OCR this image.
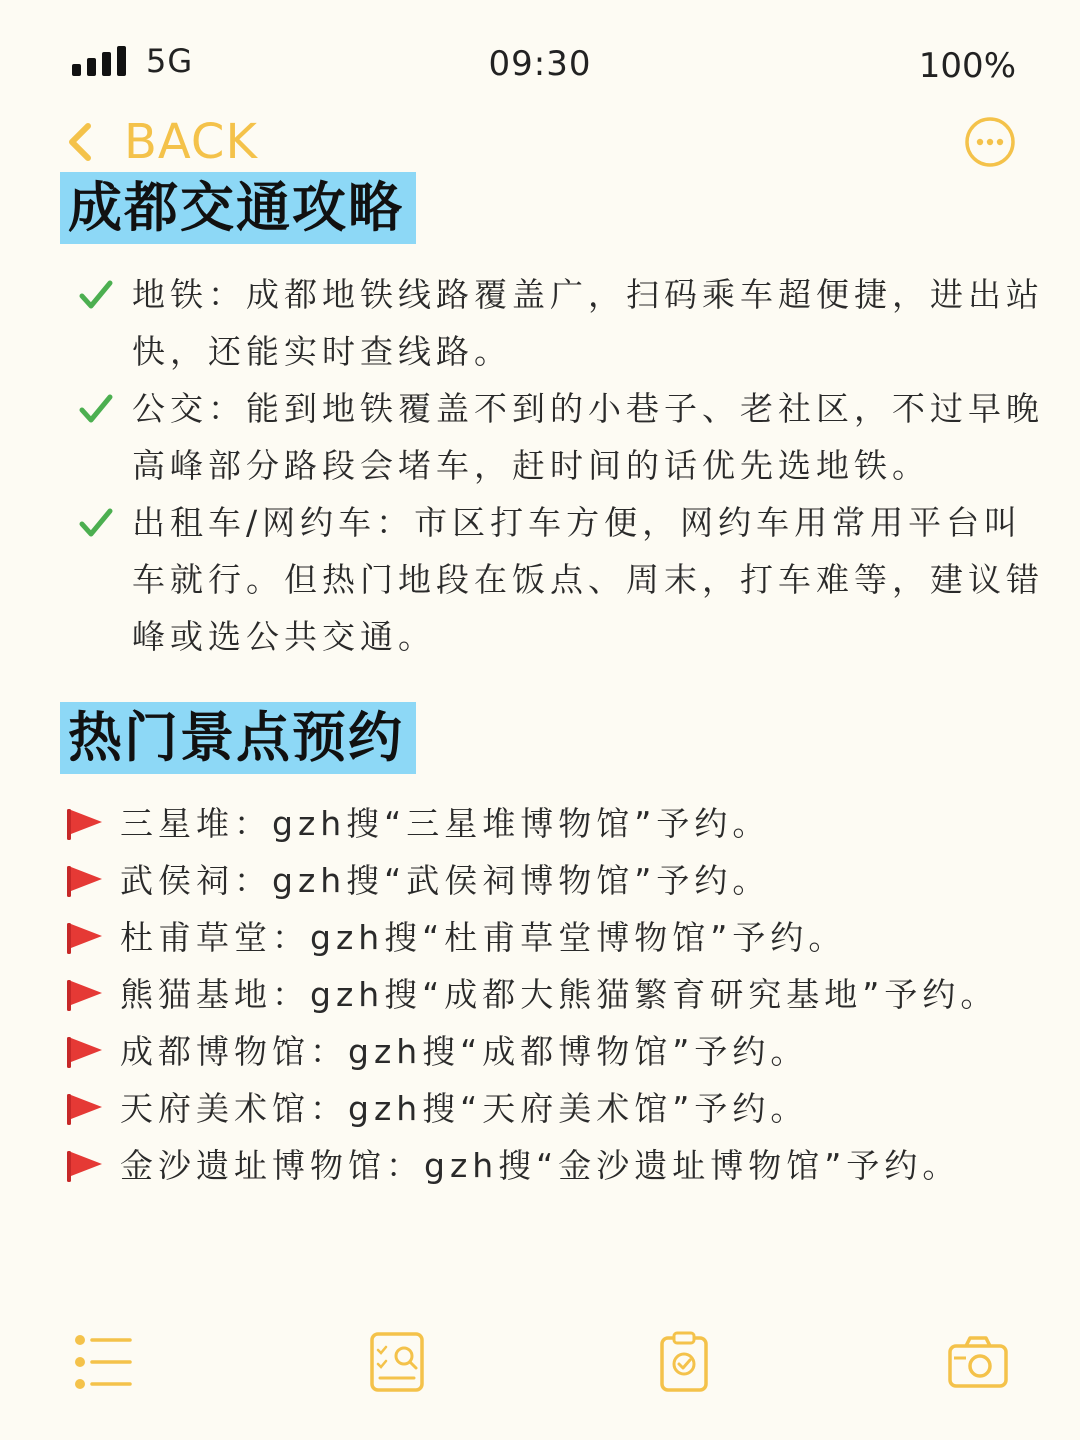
5G	09:30	100%
BACK
成都交通攻略
地铁：成都地铁线路覆盖广，扫码乘车超便捷，进出站快，还能实时查线路。
公交：能到地铁覆盖不到的小巷子、老社区，不过早晚高峰部分路段会堵车，赶时间的话优先选地铁。
出租车/网约车：市区打车方便，网约车用常用平台叫车就行。但热门地段在饭点、周末，打车难等，建议错峰或选公共交通。
热门景点预约
三星堆：gzh搜“三星堆博物馆”予约。
武侯祠：gzh搜“武侯祠博物馆”予约。
杜甫草堂：gzh搜“杜甫草堂博物馆”予约。
熊猫基地：gzh搜“成都大熊猫繁育研究基地”予约。
成都博物馆：gzh搜“成都博物馆”予约。
天府美术馆：gzh搜“天府美术馆”予约。
金沙遗址博物馆：gzh搜“金沙遗址博物馆”予约。
